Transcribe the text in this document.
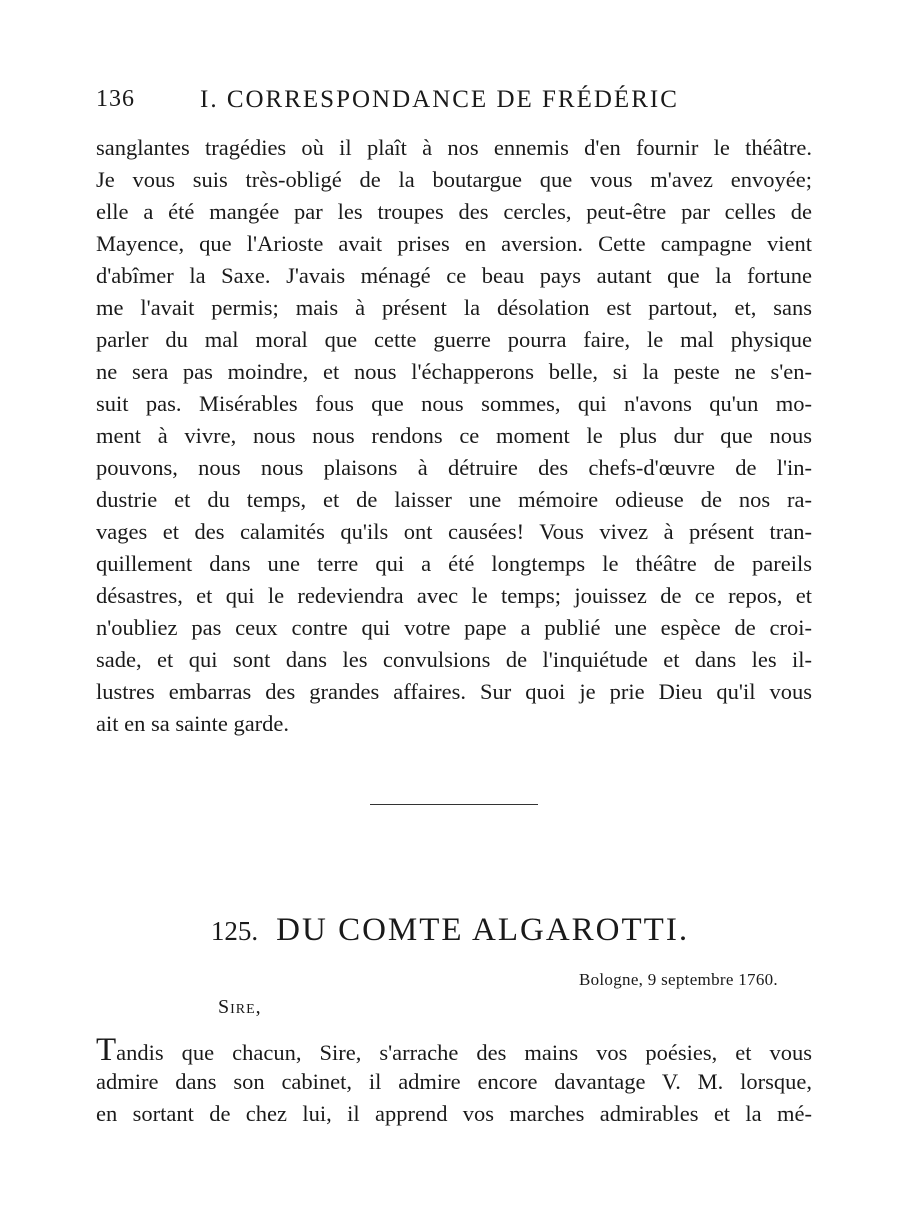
136	I. CORRESPONDANCE DE FRÉDÉRIC
sanglantes tragédies où il plaît à nos ennemis d'en fournir le théâtre.
Je vous suis très-obligé de la boutargue que vous m'avez envoyée;
elle a été mangée par les troupes des cercles, peut-être par celles de
Mayence, que l'Arioste avait prises en aversion. Cette campagne vient
d'abîmer la Saxe. J'avais ménagé ce beau pays autant que la fortune
me l'avait permis; mais à présent la désolation est partout, et, sans
parler du mal moral que cette guerre pourra faire, le mal physique
ne sera pas moindre, et nous l'échapperons belle, si la peste ne s'en-
suit pas. Misérables fous que nous sommes, qui n'avons qu'un mo-
ment à vivre, nous nous rendons ce moment le plus dur que nous
pouvons, nous nous plaisons à détruire des chefs-d'œuvre de l'in-
dustrie et du temps, et de laisser une mémoire odieuse de nos ra-
vages et des calamités qu'ils ont causées! Vous vivez à présent tran-
quillement dans une terre qui a été longtemps le théâtre de pareils
désastres, et qui le redeviendra avec le temps; jouissez de ce repos, et
n'oubliez pas ceux contre qui votre pape a publié une espèce de croi-
sade, et qui sont dans les convulsions de l'inquiétude et dans les il-
lustres embarras des grandes affaires. Sur quoi je prie Dieu qu'il vous
ait en sa sainte garde.
125. DU COMTE ALGAROTTI.
Bologne, 9 septembre 1760.
Sire,
Tandis que chacun, Sire, s'arrache des mains vos poésies, et vous
admire dans son cabinet, il admire encore davantage V. M. lorsque,
en sortant de chez lui, il apprend vos marches admirables et la mé-
